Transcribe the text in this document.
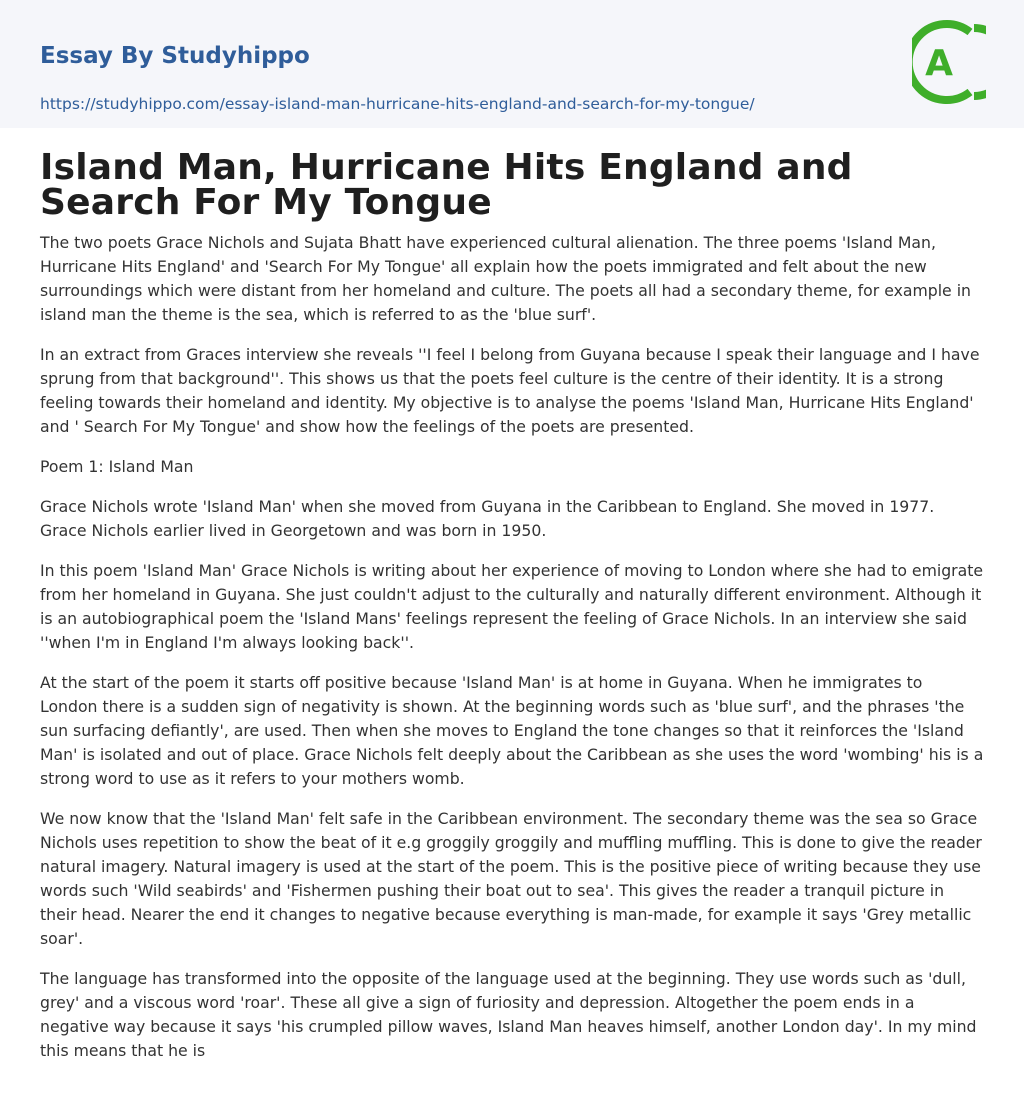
Essay By Studyhippo
https://studyhippo.com/essay-island-man-hurricane-hits-england-and-search-for-my-tongue/
A
Island Man, Hurricane Hits England and Search For My Tongue

The two poets Grace Nichols and Sujata Bhatt have experienced cultural alienation. The three poems 'Island Man, Hurricane Hits England' and 'Search For My Tongue' all explain how the poets immigrated and felt about the new surroundings which were distant from her homeland and culture. The poets all had a secondary theme, for example in island man the theme is the sea, which is referred to as the 'blue surf'.

In an extract from Graces interview she reveals ''I feel I belong from Guyana because I speak their language and I have sprung from that background''. This shows us that the poets feel culture is the centre of their identity. It is a strong feeling towards their homeland and identity. My objective is to analyse the poems 'Island Man, Hurricane Hits England' and ' Search For My Tongue' and show how the feelings of the poets are presented.

Poem 1: Island Man

Grace Nichols wrote 'Island Man' when she moved from Guyana in the Caribbean to England. She moved in 1977. Grace Nichols earlier lived in Georgetown and was born in 1950.

In this poem 'Island Man' Grace Nichols is writing about her experience of moving to London where she had to emigrate from her homeland in Guyana. She just couldn't adjust to the culturally and naturally different environment. Although it is an autobiographical poem the 'Island Mans' feelings represent the feeling of Grace Nichols. In an interview she said ''when I'm in England I'm always looking back''.

At the start of the poem it starts off positive because 'Island Man' is at home in Guyana. When he immigrates to London there is a sudden sign of negativity is shown. At the beginning words such as 'blue surf', and the phrases 'the sun surfacing defiantly', are used. Then when she moves to England the tone changes so that it reinforces the 'Island Man' is isolated and out of place. Grace Nichols felt deeply about the Caribbean as she uses the word 'wombing' his is a strong word to use as it refers to your mothers womb.

We now know that the 'Island Man' felt safe in the Caribbean environment. The secondary theme was the sea so Grace Nichols uses repetition to show the beat of it e.g groggily groggily and muffling muffling. This is done to give the reader natural imagery. Natural imagery is used at the start of the poem. This is the positive piece of writing because they use words such 'Wild seabirds' and 'Fishermen pushing their boat out to sea'. This gives the reader a tranquil picture in their head. Nearer the end it changes to negative because everything is man-made, for example it says 'Grey metallic soar'.

The language has transformed into the opposite of the language used at the beginning. They use words such as 'dull, grey' and a viscous word 'roar'. These all give a sign of furiosity and depression. Altogether the poem ends in a negative way because it says 'his crumpled pillow waves, Island Man heaves himself, another London day'. In my mind this means that he is
